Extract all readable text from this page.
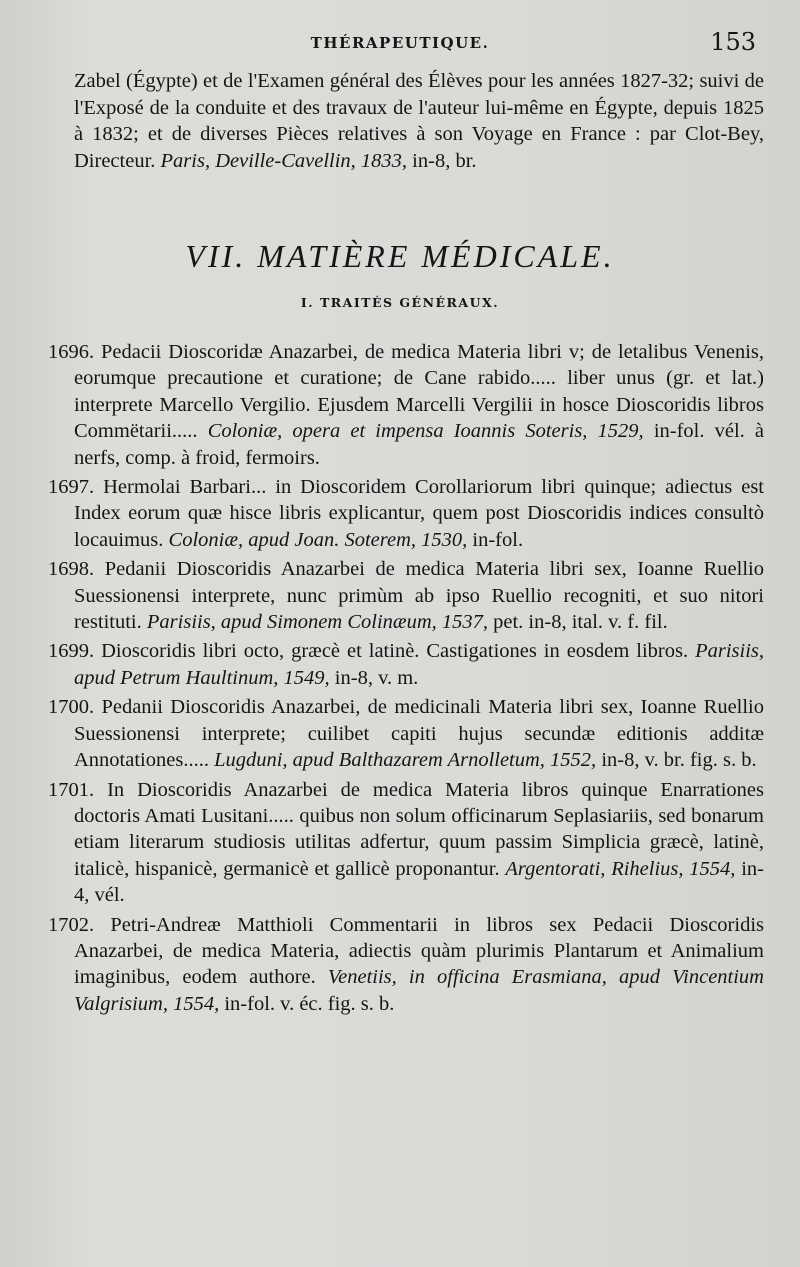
THÉRAPEUTIQUE.	153
Zabel (Égypte) et de l'Examen général des Élèves pour les années 1827-32; suivi de l'Exposé de la conduite et des travaux de l'auteur lui-même en Égypte, depuis 1825 à 1832; et de diverses Pièces relatives à son Voyage en France : par Clot-Bey, Directeur. Paris, Deville-Cavellin, 1833, in-8, br.
VII. MATIÈRE MÉDICALE.
I. TRAITÉS GÉNÉRAUX.
1696. Pedacii Dioscoridæ Anazarbei, de medica Materia libri v; de letalibus Venenis, eorumque precautione et curatione; de Cane rabido..... liber unus (gr. et lat.) interprete Marcello Vergilio. Ejusdem Marcelli Vergilii in hosce Dioscoridis libros Commëtarii..... Coloniæ, opera et impensa Ioannis Soteris, 1529, in-fol. vél. à nerfs, comp. à froid, fermoirs.
1697. Hermolai Barbari... in Dioscoridem Corollariorum libri quinque; adiectus est Index eorum quæ hisce libris explicantur, quem post Dioscoridis indices consultò locauimus. Coloniæ, apud Joan. Soterem, 1530, in-fol.
1698. Pedanii Dioscoridis Anazarbei de medica Materia libri sex, Ioanne Ruellio Suessionensi interprete, nunc primùm ab ipso Ruellio recogniti, et suo nitori restituti. Parisiis, apud Simonem Colinæum, 1537, pet. in-8, ital. v. f. fil.
1699. Dioscoridis libri octo, græcè et latinè. Castigationes in eosdem libros. Parisiis, apud Petrum Haultinum, 1549, in-8, v. m.
1700. Pedanii Dioscoridis Anazarbei, de medicinali Materia libri sex, Ioanne Ruellio Suessionensi interprete; cuilibet capiti hujus secundæ editionis additæ Annotationes..... Lugduni, apud Balthazarem Arnolletum, 1552, in-8, v. br. fig. s. b.
1701. In Dioscoridis Anazarbei de medica Materia libros quinque Enarrationes doctoris Amati Lusitani..... quibus non solum officinarum Seplasiariis, sed bonarum etiam literarum studiosis utilitas adfertur, quum passim Simplicia græcè, latinè, italicè, hispanicè, germanicè et gallicè proponantur. Argentorati, Rihelius, 1554, in-4, vél.
1702. Petri-Andreæ Matthioli Commentarii in libros sex Pedacii Dioscoridis Anazarbei, de medica Materia, adiectis quàm plurimis Plantarum et Animalium imaginibus, eodem authore. Venetiis, in officina Erasmiana, apud Vincentium Valgrisium, 1554, in-fol. v. éc. fig. s. b.
